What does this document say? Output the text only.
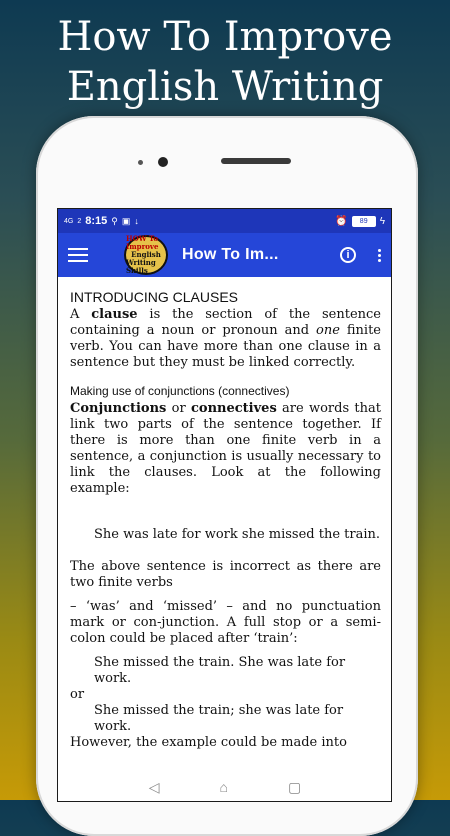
How To Improve
English Writing
4G 2 8:15 ⚲ ▣ ↓	⏰	89	ϟ
HOW To Improve
English
Writing Skills
How To Im...	i
INTRODUCING CLAUSES

A clause is the section of the sentence containing a noun or pronoun and one finite verb. You can have more than one clause in a sentence but they must be linked correctly.

Making use of conjunctions (connectives)

Conjunctions or connectives are words that link two parts of the sentence together. If there is more than one finite verb in a sentence, a conjunction is usually necessary to link the clauses. Look at the following example:

She was late for work she missed the train.

The above sentence is incorrect as there are two finite verbs

– ‘was’ and ‘missed’ – and no punctuation mark or con-junction. A full stop or a semi-colon could be placed after ‘train’:

She missed the train. She was late for work.

or

She missed the train; she was late for work.

However, the example could be made into

◁	⌂	▢
